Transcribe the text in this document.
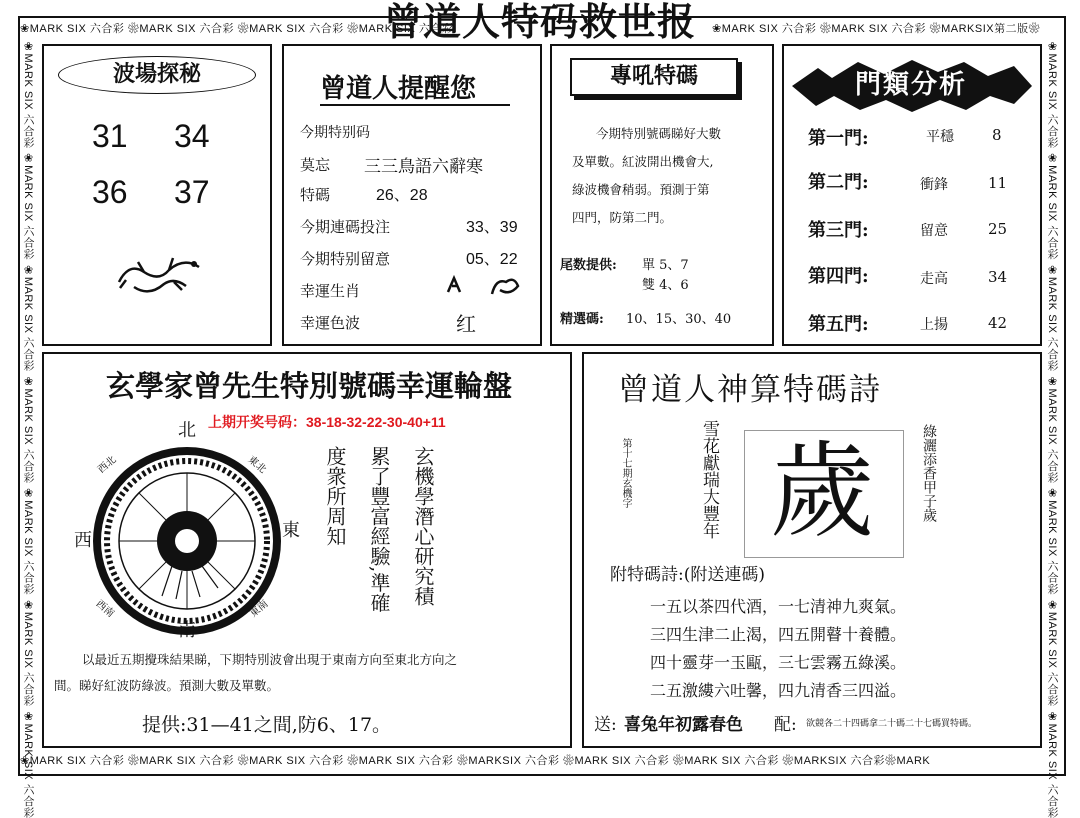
❀MARK SIX 六合彩 ❀MARK SIX 六合彩 ❀MARK SIX 六合彩 ❀MARK SIX 六合彩	❀MARK SIX 六合彩 ❀MARK SIX 六合彩 ❀MARKSIX第二版❀
❀MARK SIX 六合彩 ❀MARK SIX 六合彩 ❀MARK SIX 六合彩 ❀MARK SIX 六合彩 ❀MARKSIX 六合彩 ❀MARK SIX 六合彩 ❀MARK SIX 六合彩 ❀MARKSIX 六合彩❀MARK
❀MARK SIX 六合彩 ❀MARK SIX 六合彩 ❀MARK SIX 六合彩 ❀MARK SIX 六合彩 ❀MARK SIX 六合彩 ❀MARK SIX 六合彩 ❀MARK SIX 六合彩	❀MARK SIX 六合彩 ❀MARK SIX 六合彩 ❀MARK SIX 六合彩 ❀MARK SIX 六合彩 ❀MARK SIX 六合彩 ❀MARK SIX 六合彩 ❀MARK SIX 六合彩
曾道人特码救世报
波場探秘
31 34
36 37
曾道人提醒您
今期特别码
莫忘 三三鳥語六辭寒
特碼	26、28
今期連碼投注	33、39
今期特别留意	05、22
幸運生肖
幸運色波	红
專吼特碼
今期特別號碼睇好大數
及單數。紅波開出機會大,
綠波機會稍弱。預測于第
四門，防第二門。
尾数提供: 單 5、7
雙 4、6
精選碼: 10、15、30、40
門類分析
第一門:	平穩	8
第二門:	衝鋒	11
第三門:	留意	25
第四門:	走高	34
第五門:	上揚	42
玄學家曾先生特別號碼幸運輪盤
上期开奖号码：38-18-32-22-30-40+11
北
南
西	東
西北	東北
西南	東南
玄機學潛心研究積
累了豐富經驗,準確
度衆所周知
以最近五期攪珠結果睇，下期特別波會出現于東南方向至東北方向之
間。睇好紅波防綠波。預測大數及單數。
提供:31—41之間,防6、17。
曾道人神算特碼詩
第十七期玄機字	雪花獻瑞大豐年 歲	綠灑添香甲子歲
附特碼詩:(附送連碼)
一五以茶四代酒，一七清神九爽氣。
三四生津二止渴，四五開瞽十養體。
四十靈芽一玉甌，三七雲霧五綠溪。
二五激縷六吐馨，四九清香三四溢。
送: 喜兔年初露春色 配: 欲競各二十四碼拿二十碼二十七碼買特碼。
